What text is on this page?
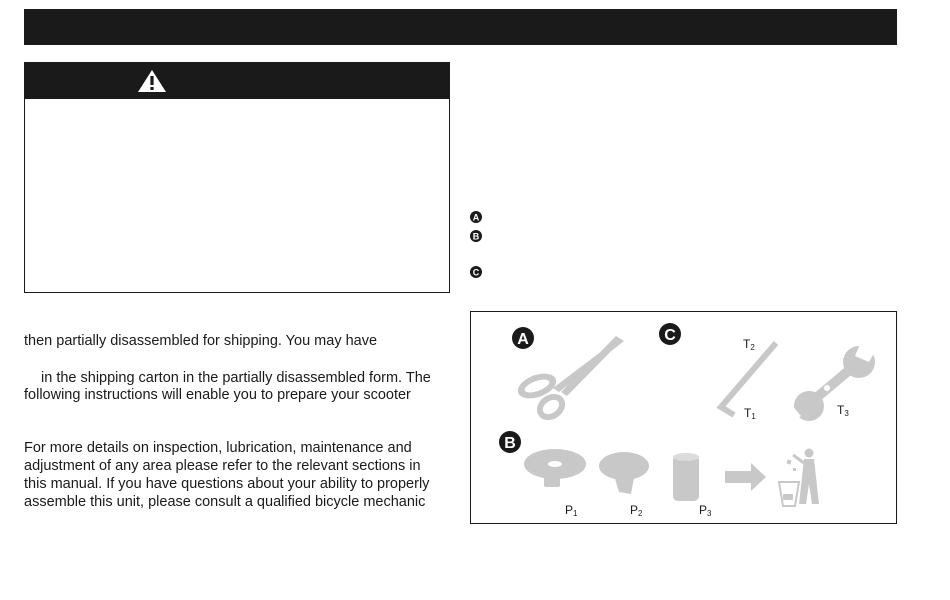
A
B
C

then partially disassembled for shipping. You may have

in the shipping carton in the partially disassembled form. The

following instructions will enable you to prepare your scooter

For more details on inspection, lubrication, maintenance and

adjustment of any area please refer to the relevant sections in

this manual. If you have questions about your ability to properly

assemble this unit, please consult a qualified bicycle mechanic

A	C
B
$T_2$
$T_1$	$T_3$
$P_1$	$P_2$	$P_3$
